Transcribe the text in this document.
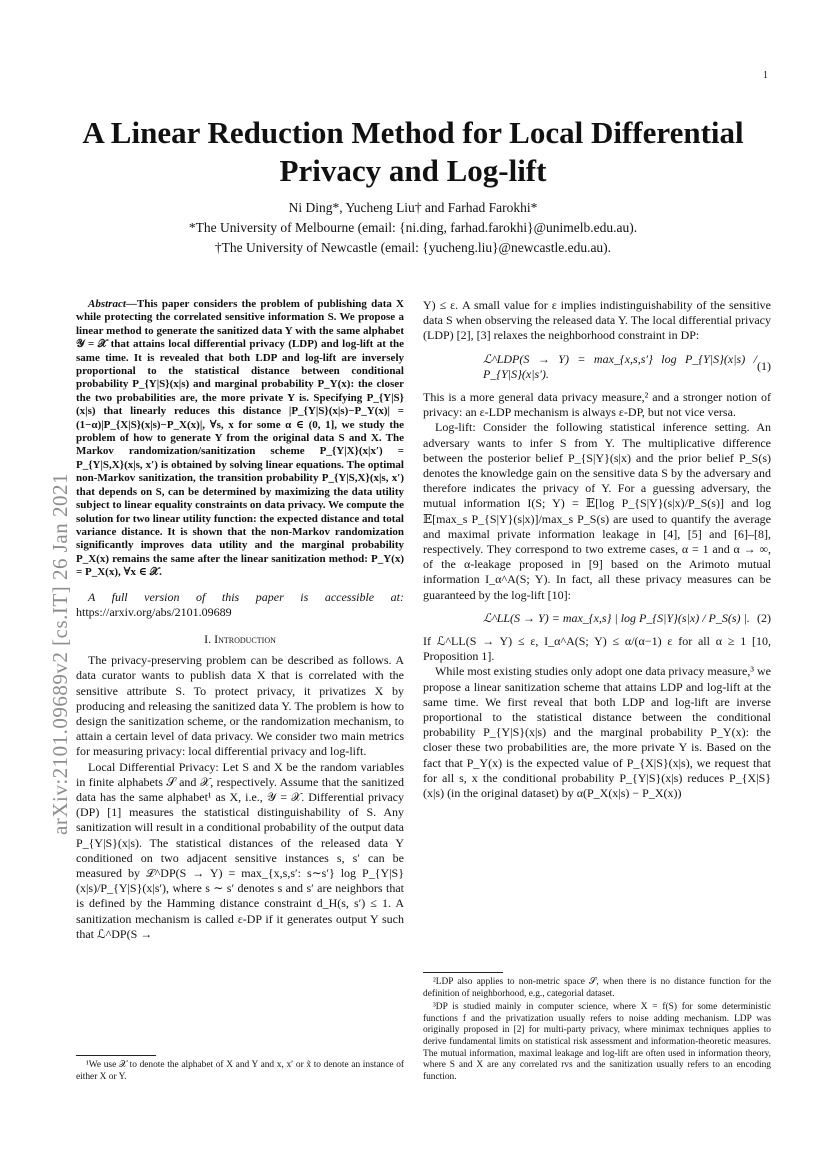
1
arXiv:2101.09689v2 [cs.IT] 26 Jan 2021
A Linear Reduction Method for Local Differential Privacy and Log-lift
Ni Ding*, Yucheng Liu† and Farhad Farokhi*
*The University of Melbourne (email: {ni.ding, farhad.farokhi}@unimelb.edu.au).
†The University of Newcastle (email: {yucheng.liu}@newcastle.edu.au).

Abstract—This paper considers the problem of publishing data X while protecting the correlated sensitive information S. We propose a linear method to generate the sanitized data Y with the same alphabet 𝒴 = 𝒳 that attains local differential privacy (LDP) and log-lift at the same time. It is revealed that both LDP and log-lift are inversely proportional to the statistical distance between conditional probability P_{Y|S}(x|s) and marginal probability P_Y(x): the closer the two probabilities are, the more private Y is. Specifying P_{Y|S}(x|s) that linearly reduces this distance |P_{Y|S}(x|s)−P_Y(x)| = (1−α)|P_{X|S}(x|s)−P_X(x)|, ∀s, x for some α ∈ (0, 1], we study the problem of how to generate Y from the original data S and X. The Markov randomization/sanitization scheme P_{Y|X}(x|x′) = P_{Y|S,X}(x|s, x′) is obtained by solving linear equations. The optimal non-Markov sanitization, the transition probability P_{Y|S,X}(x|s, x′) that depends on S, can be determined by maximizing the data utility subject to linear equality constraints on data privacy. We compute the solution for two linear utility function: the expected distance and total variance distance. It is shown that the non-Markov randomization significantly improves data utility and the marginal probability P_X(x) remains the same after the linear sanitization method: P_Y(x) = P_X(x), ∀x ∈ 𝒳.

A full version of this paper is accessible at: https://arxiv.org/abs/2101.09689

I. Introduction

The privacy-preserving problem can be described as follows. A data curator wants to publish data X that is correlated with the sensitive attribute S. To protect privacy, it privatizes X by producing and releasing the sanitized data Y. The problem is how to design the sanitization scheme, or the randomization mechanism, to attain a certain level of data privacy. We consider two main metrics for measuring privacy: local differential privacy and log-lift.

Local Differential Privacy: Let S and X be the random variables in finite alphabets 𝒮 and 𝒳, respectively. Assume that the sanitized data has the same alphabet¹ as X, i.e., 𝒴 = 𝒳. Differential privacy (DP) [1] measures the statistical distinguishability of S. Any sanitization will result in a conditional probability of the output data P_{Y|S}(x|s). The statistical distances of the released data Y conditioned on two adjacent sensitive instances s, s′ can be measured by ℒ^DP(S → Y) = max_{x,s,s′: s∼s′} log P_{Y|S}(x|s)/P_{Y|S}(x|s′), where s ∼ s′ denotes s and s′ are neighbors that is defined by the Hamming distance constraint d_H(s, s′) ≤ 1. A sanitization mechanism is called ε-DP if it generates output Y such that ℒ^DP(S →

¹We use 𝒳 to denote the alphabet of X and Y and x, x′ or x̃ to denote an instance of either X or Y.

Y) ≤ ε. A small value for ε implies indistinguishability of the sensitive data S when observing the released data Y. The local differential privacy (LDP) [2], [3] relaxes the neighborhood constraint in DP:

ℒ^LDP(S → Y) = max_{x,s,s′} log P_{Y|S}(x|s) / P_{Y|S}(x|s′).
(1)

This is a more general data privacy measure,² and a stronger notion of privacy: an ε-LDP mechanism is always ε-DP, but not vice versa.

Log-lift: Consider the following statistical inference setting. An adversary wants to infer S from Y. The multiplicative difference between the posterior belief P_{S|Y}(s|x) and the prior belief P_S(s) denotes the knowledge gain on the sensitive data S by the adversary and therefore indicates the privacy of Y. For a guessing adversary, the mutual information I(S; Y) = 𝔼[log P_{S|Y}(s|x)/P_S(s)] and log 𝔼[max_s P_{S|Y}(s|x)]/max_s P_S(s) are used to quantify the average and maximal private information leakage in [4], [5] and [6]–[8], respectively. They correspond to two extreme cases, α = 1 and α → ∞, of the α-leakage proposed in [9] based on the Arimoto mutual information I_α^A(S; Y). In fact, all these privacy measures can be guaranteed by the log-lift [10]:

ℒ^LL(S → Y) = max_{x,s} | log P_{S|Y}(s|x) / P_S(s) |. (2)

If ℒ^LL(S → Y) ≤ ε, I_α^A(S; Y) ≤ α/(α−1) ε for all α ≥ 1 [10, Proposition 1].

While most existing studies only adopt one data privacy measure,³ we propose a linear sanitization scheme that attains LDP and log-lift at the same time. We first reveal that both LDP and log-lift are inverse proportional to the statistical distance between the conditional probability P_{Y|S}(x|s) and the marginal probability P_Y(x): the closer these two probabilities are, the more private Y is. Based on the fact that P_Y(x) is the expected value of P_{X|S}(x|s), we request that for all s, x the conditional probability P_{Y|S}(x|s) reduces P_{X|S}(x|s) (in the original dataset) by α(P_X(x|s) − P_X(x))

²LDP also applies to non-metric space 𝒮, when there is no distance function for the definition of neighborhood, e.g., categorial dataset.

³DP is studied mainly in computer science, where X = f(S) for some deterministic functions f and the privatization usually refers to noise adding mechanism. LDP was originally proposed in [2] for multi-party privacy, where minimax techniques applies to derive fundamental limits on statistical risk assessment and information-theoretic measures. The mutual information, maximal leakage and log-lift are often used in information theory, where S and X are any correlated rvs and the sanitization usually refers to an encoding function.
